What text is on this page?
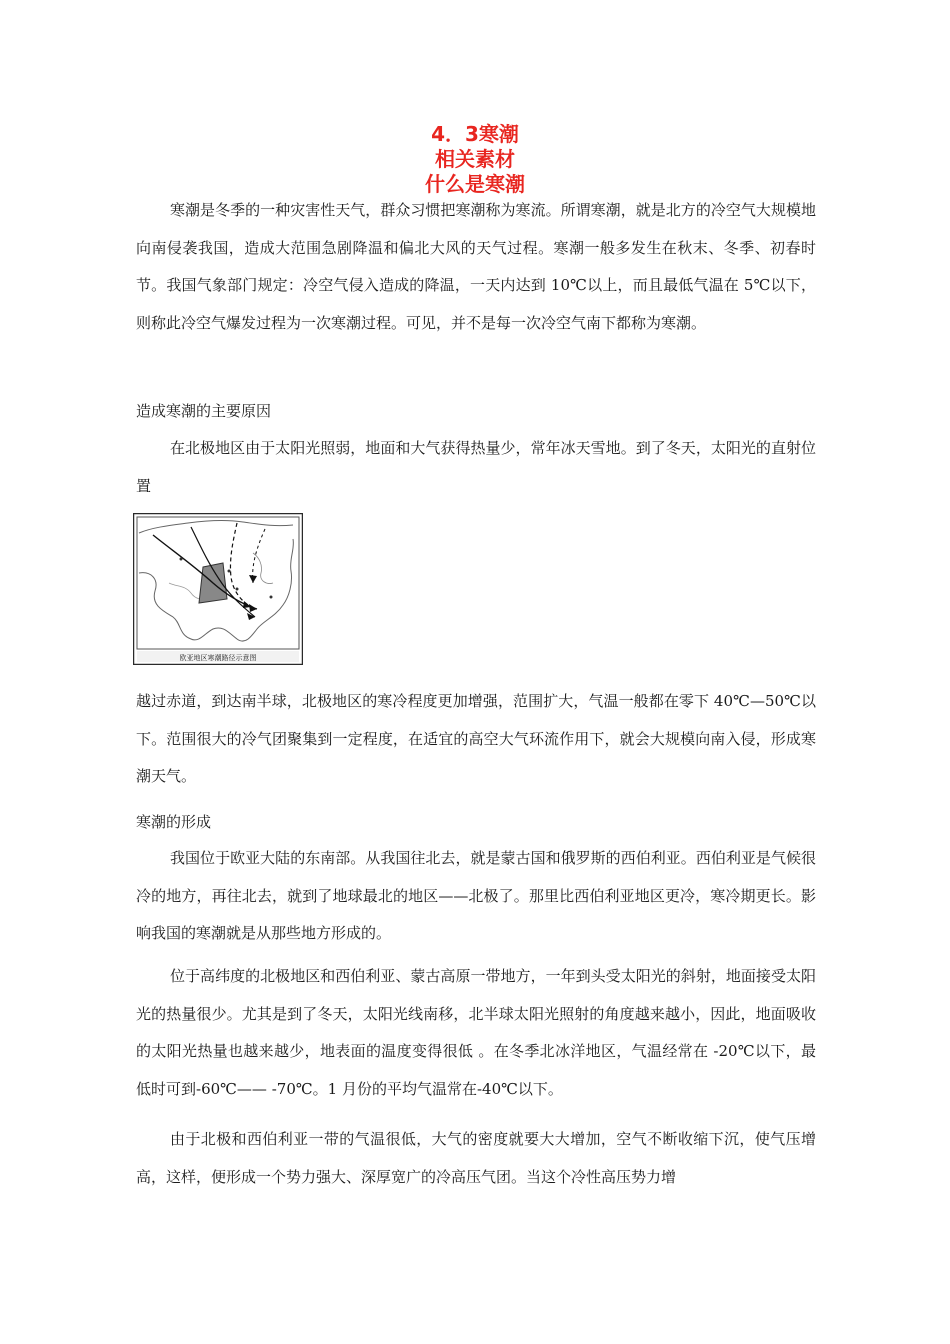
4．3寒潮
相关素材
什么是寒潮
寒潮是冬季的一种灾害性天气，群众习惯把寒潮称为寒流。所谓寒潮，就是北方的冷空气大规模地向南侵袭我国，造成大范围急剧降温和偏北大风的天气过程。寒潮一般多发生在秋末、冬季、初春时节。我国气象部门规定：冷空气侵入造成的降温，一天内达到 10℃以上，而且最低气温在 5℃以下，则称此冷空气爆发过程为一次寒潮过程。可见，并不是每一次冷空气南下都称为寒潮。
造成寒潮的主要原因
在北极地区由于太阳光照弱，地面和大气获得热量少，常年冰天雪地。到了冬天，太阳光的直射位置
欧亚地区寒潮路径示意图
越过赤道，到达南半球，北极地区的寒冷程度更加增强，范围扩大，气温一般都在零下 40℃—50℃以下。范围很大的冷气团聚集到一定程度，在适宜的高空大气环流作用下，就会大规模向南入侵，形成寒潮天气。
寒潮的形成
我国位于欧亚大陆的东南部。从我国往北去，就是蒙古国和俄罗斯的西伯利亚。西伯利亚是气候很冷的地方，再往北去，就到了地球最北的地区——北极了。那里比西伯利亚地区更冷，寒冷期更长。影响我国的寒潮就是从那些地方形成的。
位于高纬度的北极地区和西伯利亚、蒙古高原一带地方，一年到头受太阳光的斜射，地面接受太阳光的热量很少。尤其是到了冬天，太阳光线南移，北半球太阳光照射的角度越来越小，因此，地面吸收的太阳光热量也越来越少，地表面的温度变得很低 。在冬季北冰洋地区，气温经常在 -20℃以下，最低时可到-60℃—— -70℃。1 月份的平均气温常在-40℃以下。
由于北极和西伯利亚一带的气温很低，大气的密度就要大大增加，空气不断收缩下沉，使气压增高，这样，便形成一个势力强大、深厚宽广的冷高压气团。当这个冷性高压势力增
